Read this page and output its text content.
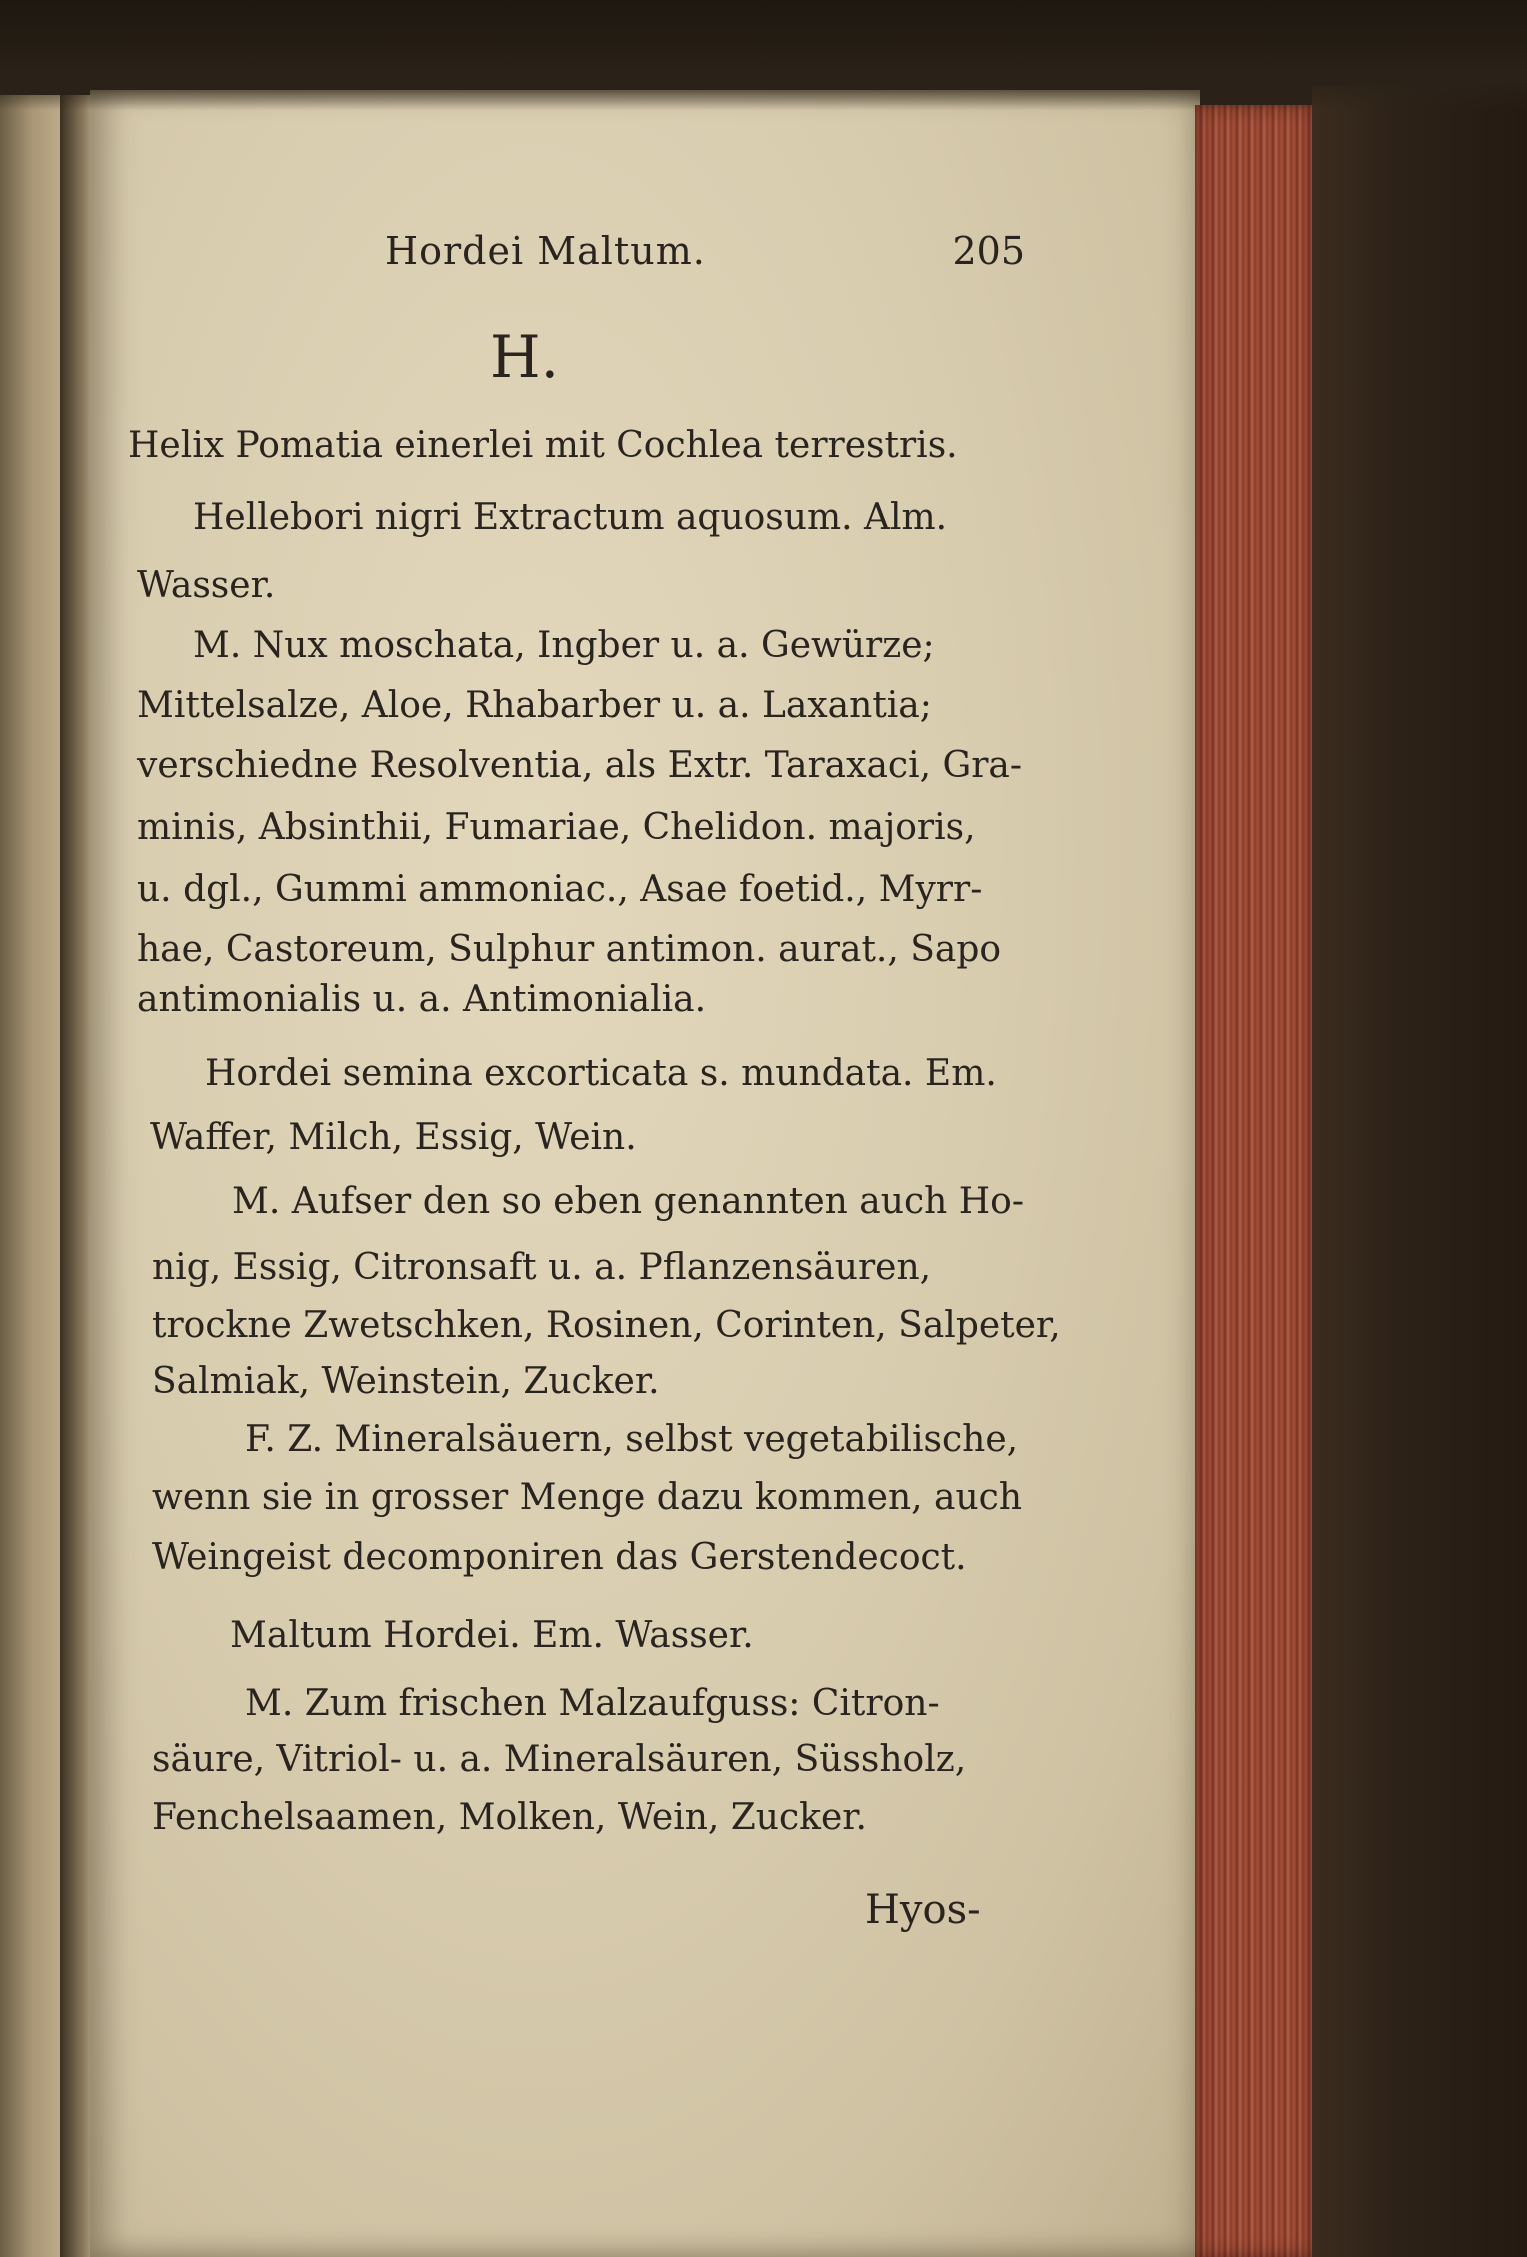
Hordei Maltum.	205
H.
Helix Pomatia einerlei mit Cochlea terrestris.
Hellebori nigri Extractum aquosum. Alm.
Wasser.
M. Nux moschata, Ingber u. a. Gewürze;
Mittelsalze, Aloe, Rhabarber u. a. Laxantia;
verschiedne Resolventia, als Extr. Taraxaci, Gra-
minis, Absinthii, Fumariae, Chelidon. majoris,
u. dgl., Gummi ammoniac., Asae foetid., Myrr-
hae, Castoreum, Sulphur antimon. aurat., Sapo
antimonialis u. a. Antimonialia.
Hordei semina excorticata s. mundata. Em.
Waffer, Milch, Essig, Wein.
M. Aufser den so eben genannten auch Ho-
nig, Essig, Citronsaft u. a. Pflanzensäuren,
trockne Zwetschken, Rosinen, Corinten, Salpeter,
Salmiak, Weinstein, Zucker.
F. Z. Mineralsäuern, selbst vegetabilische,
wenn sie in grosser Menge dazu kommen, auch
Weingeist decomponiren das Gerstendecoct.
Maltum Hordei. Em. Wasser.
M. Zum frischen Malzaufguss: Citron-
säure, Vitriol- u. a. Mineralsäuren, Süssholz,
Fenchelsaamen, Molken, Wein, Zucker.
Hyos-
